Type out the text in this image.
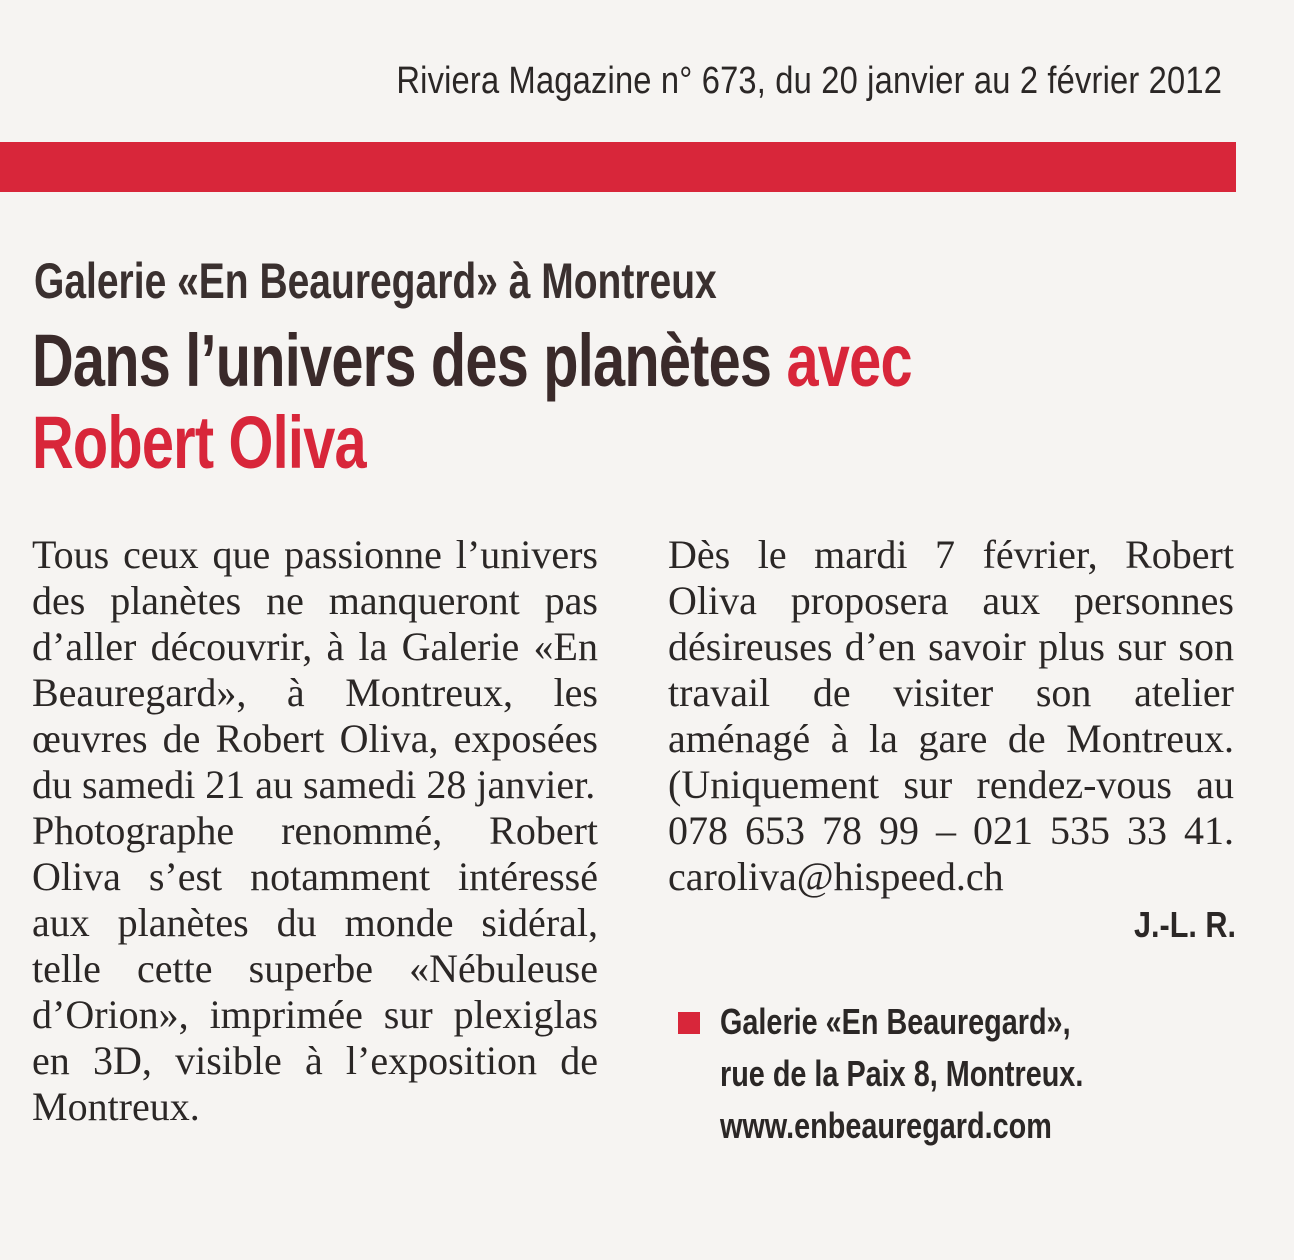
Riviera Magazine n° 673, du 20 janvier au 2 février 2012
Galerie «En Beauregard» à Montreux
Dans l’univers des planètes avec
Robert Oliva

Tous ceux que passionne l’univers des planètes ne manqueront pas d’aller découvrir, à la Galerie «En Beauregard», à Montreux, les œuvres de Robert Oliva, exposées du samedi 21 au samedi 28 janvier.

Photographe renommé, Robert Oliva s’est notamment intéressé aux planètes du monde sidéral, telle cette superbe «Nébuleuse d’Orion», imprimée sur plexiglas en 3D, visible à l’exposition de Montreux.

Dès le mardi 7 février, Robert Oliva proposera aux personnes désireuses d’en savoir plus sur son travail de visiter son atelier aménagé à la gare de Montreux. (Uniquement sur rendez-vous au 078 653 78 99 – 021 535 33 41. caroliva@hispeed.ch

J.-L. R.
Galerie «En Beauregard»,
rue de la Paix 8, Montreux.
www.enbeauregard.com
